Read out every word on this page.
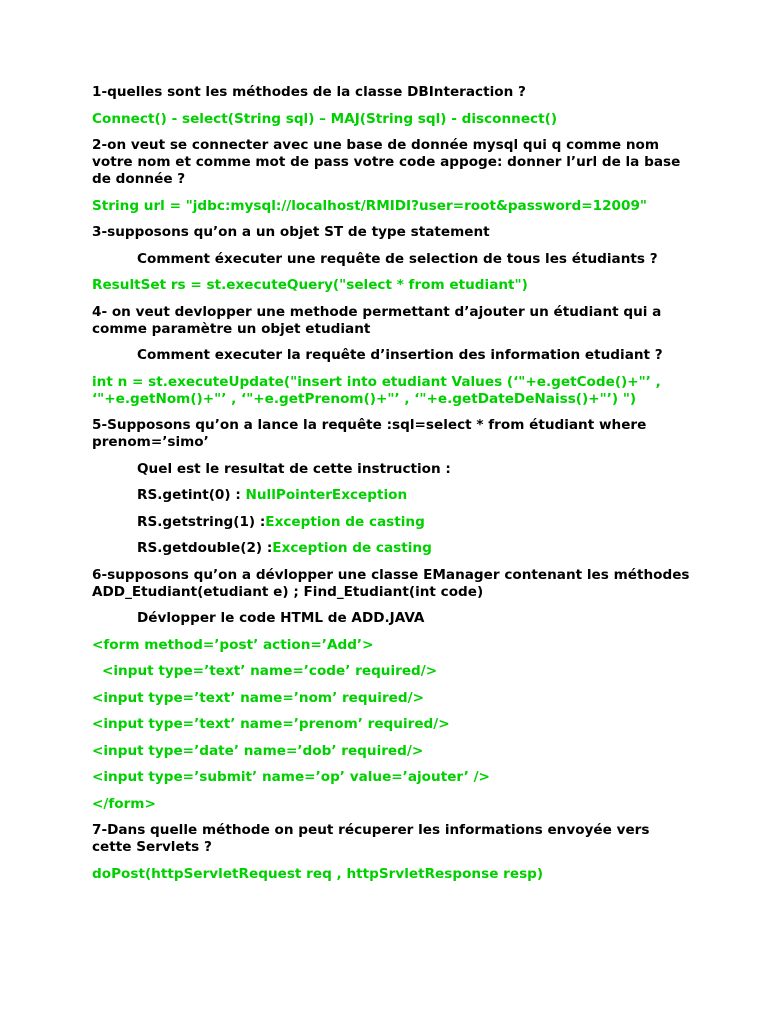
1-quelles sont les méthodes de la classe DBInteraction ?

Connect() - select(String sql) – MAJ(String sql) - disconnect()

2-on veut se connecter avec une base de donnée mysql qui q comme nom votre nom et comme mot de pass votre code appoge: donner l’url de la base de donnée ?

String url = "jdbc:mysql://localhost/RMIDI?user=root&password=12009"

3-supposons qu’on a un objet ST de type statement

Comment éxecuter une requête de selection de tous les étudiants ?

ResultSet rs = st.executeQuery("select * from etudiant")

4- on veut devlopper une methode permettant d’ajouter un étudiant qui a comme paramètre un objet etudiant

Comment executer la requête d’insertion des information etudiant ?

int n = st.executeUpdate("insert into etudiant Values (‘"+e.getCode()+"’ , ‘"+e.getNom()+"’ , ‘"+e.getPrenom()+"’ , ‘"+e.getDateDeNaiss()+"’) ")

5-Supposons qu’on a lance la requête :sql=select * from étudiant where prenom=’simo’

Quel est le resultat de cette instruction :

RS.getint(0) : NullPointerException

RS.getstring(1) :Exception de casting

RS.getdouble(2) :Exception de casting

6-supposons qu’on a dévlopper une classe EManager contenant les méthodes ADD_Etudiant(etudiant e) ; Find_Etudiant(int code)

Dévlopper le code HTML de ADD.JAVA

<form method=’post’ action=’Add’>

<input type=’text’ name=’code’ required/>

<input type=’text’ name=’nom’ required/>

<input type=’text’ name=’prenom’ required/>

<input type=’date’ name=’dob’ required/>

<input type=’submit’ name=’op’ value=’ajouter’ />

</form>

7-Dans quelle méthode on peut récuperer les informations envoyée vers cette Servlets ?

doPost(httpServletRequest req , httpSrvletResponse resp)
